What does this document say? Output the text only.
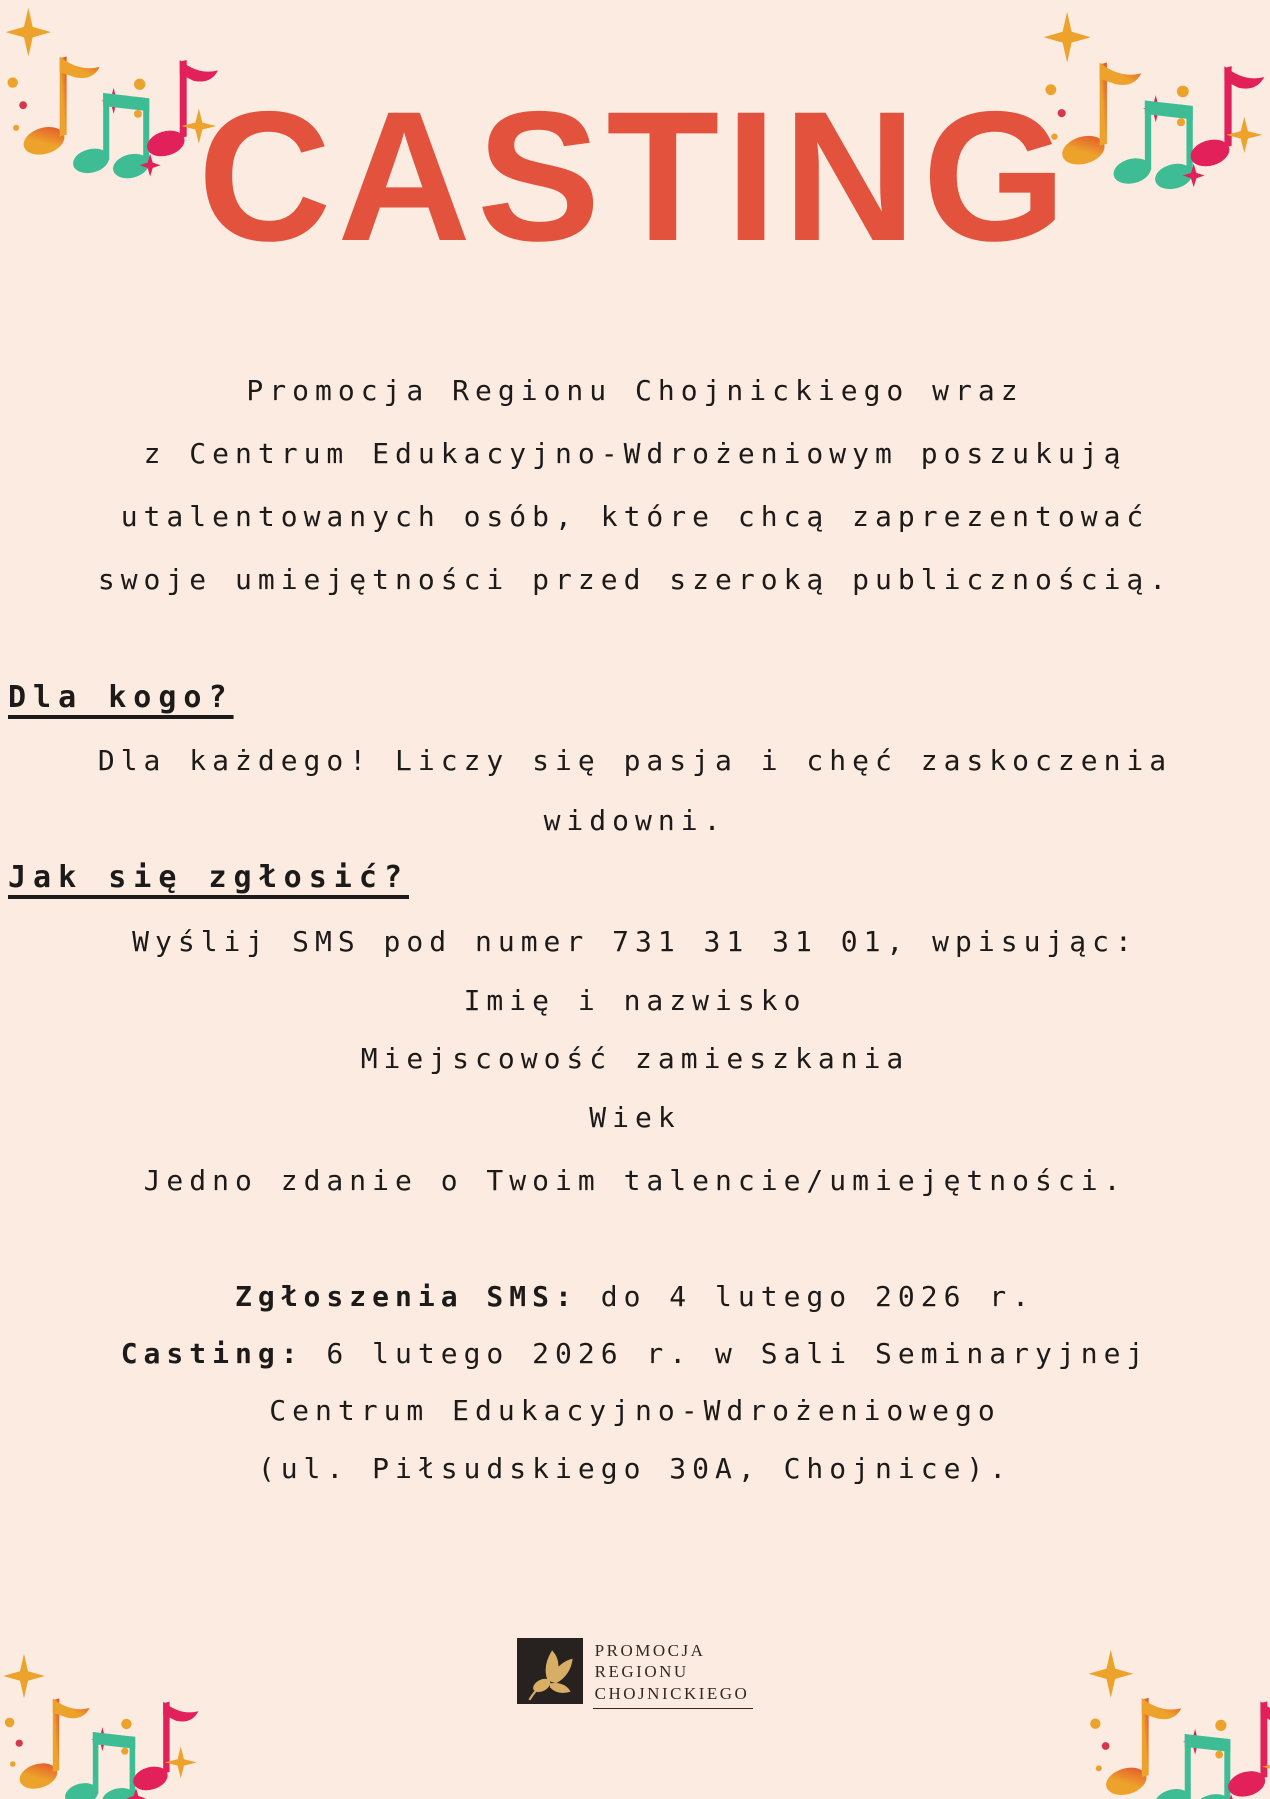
CASTING
Promocja Regionu Chojnickiego wraz
z Centrum Edukacyjno-Wdrożeniowym poszukują
utalentowanych osób, które chcą zaprezentować
swoje umiejętności przed szeroką publicznością.
Dla kogo?
Dla każdego! Liczy się pasja i chęć zaskoczenia
widowni.
Jak się zgłosić?
Wyślij SMS pod numer 731 31 31 01, wpisując:
Imię i nazwisko
Miejscowość zamieszkania
Wiek
Jedno zdanie o Twoim talencie/umiejętności.
Zgłoszenia SMS: do 4 lutego 2026 r.
Casting: 6 lutego 2026 r. w Sali Seminaryjnej
Centrum Edukacyjno-Wdrożeniowego
(ul. Piłsudskiego 30A, Chojnice).
PROMOCJA
REGIONU
CHOJNICKIEGO
